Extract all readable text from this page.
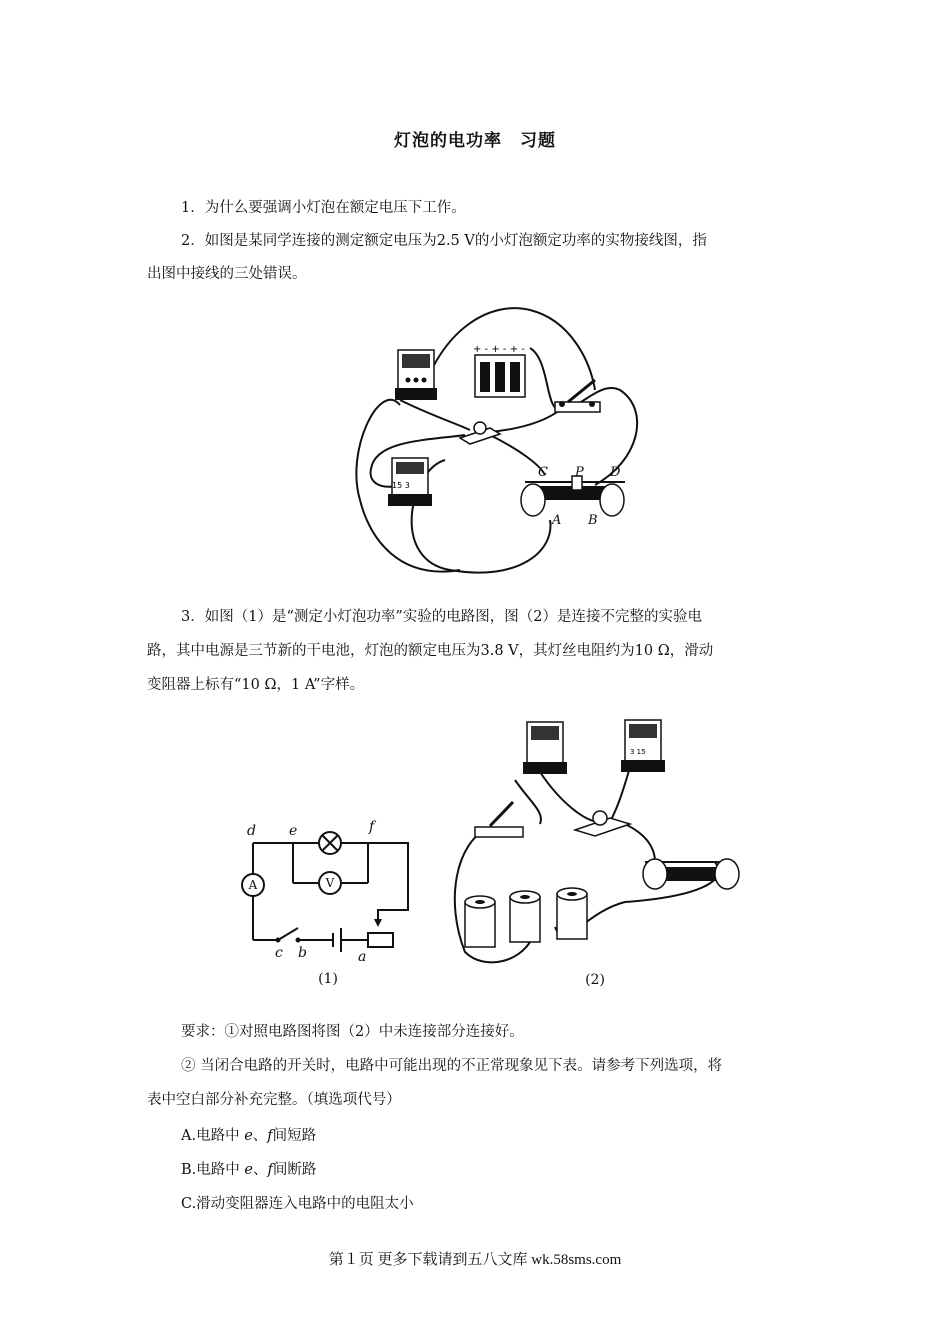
灯泡的电功率　习题
1．为什么要强调小灯泡在额定电压下工作。
2．如图是某同学连接的测定额定电压为2.5 V的小灯泡额定功率的实物接线图，指
出图中接线的三处错误。
+ - + - + -
15 3
C P D
A B
3．如图（1）是“测定小灯泡功率”实验的电路图，图（2）是连接不完整的实验电
路，其中电源是三节新的干电池，灯泡的额定电压为3.8 V，其灯丝电阻约为10 Ω，滑动
变阻器上标有“10 Ω，1 A”字样。
V
A
d e	f
c b	a
(1)
3 15
(2)
要求：①对照电路图将图（2）中未连接部分连接好。
② 当闭合电路的开关时，电路中可能出现的不正常现象见下表。请参考下列选项，将
表中空白部分补充完整。（填选项代号）
A.电路中 e、f间短路
B.电路中 e、f间断路
C.滑动变阻器连入电路中的电阻太小
第１页 更多下载请到五八文库 wk.58sms.com
